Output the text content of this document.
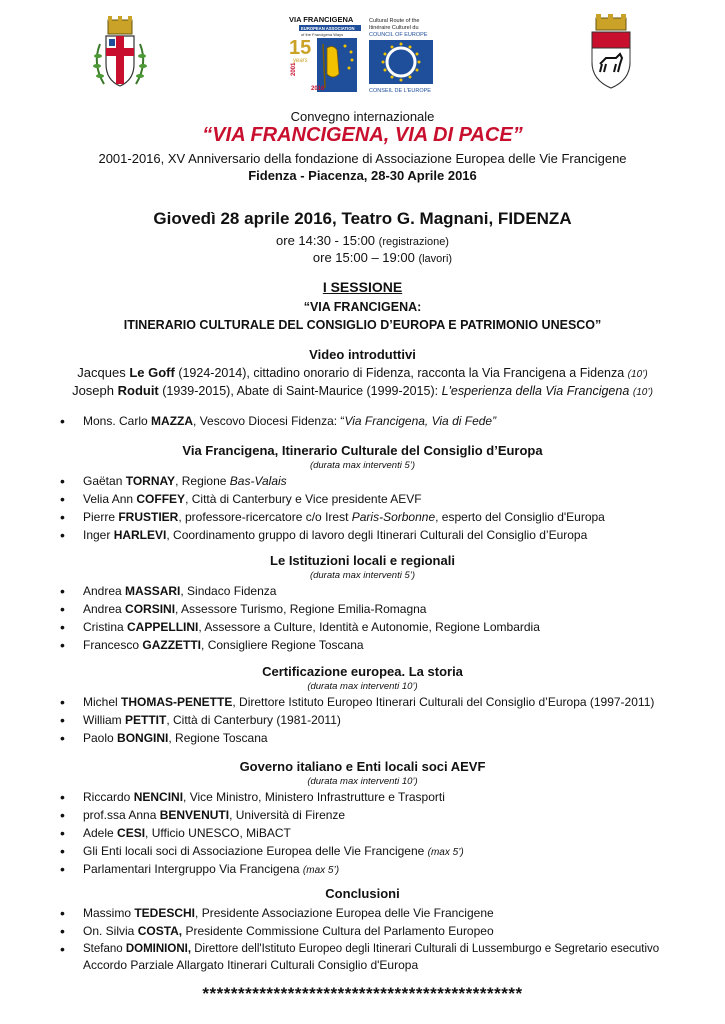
VIA FRANCIGENA
EUROPEAN ASSOCIATION
of the Francigena Ways
15
years
2001
2016
Cultural Route of the
Itinéraire Culturel du
COUNCIL OF EUROPE
CONSEIL DE L'EUROPE
Convegno internazionale
“VIA FRANCIGENA, VIA DI PACE”
2001-2016, XV Anniversario della fondazione di Associazione Europea delle Vie Francigene
Fidenza - Piacenza, 28-30 Aprile 2016
Giovedì 28 aprile 2016, Teatro G. Magnani, FIDENZA
ore 14:30 - 15:00 (registrazione)
ore 15:00 – 19:00 (lavori)
I SESSIONE
“VIA FRANCIGENA:
ITINERARIO CULTURALE DEL CONSIGLIO D’EUROPA E PATRIMONIO UNESCO”
Video introduttivi
Jacques Le Goff (1924-2014), cittadino onorario di Fidenza, racconta la Via Francigena a Fidenza (10’)
Joseph Roduit (1939-2015), Abate di Saint-Maurice (1999-2015): L'esperienza della Via Francigena (10’)
• Mons. Carlo MAZZA, Vescovo Diocesi Fidenza: “Via Francigena, Via di Fede”
Via Francigena, Itinerario Culturale del Consiglio d’Europa
(durata max interventi 5’)
• Gaëtan TORNAY, Regione Bas-Valais
• Velia Ann COFFEY, Città di Canterbury e Vice presidente AEVF
• Pierre FRUSTIER, professore-ricercatore c/o Irest Paris-Sorbonne, esperto del Consiglio d'Europa
• Inger HARLEVI, Coordinamento gruppo di lavoro degli Itinerari Culturali del Consiglio d’Europa
Le Istituzioni locali e regionali
(durata max interventi 5’)
• Andrea MASSARI, Sindaco Fidenza
• Andrea CORSINI, Assessore Turismo, Regione Emilia-Romagna
• Cristina CAPPELLINI, Assessore a Culture, Identità e Autonomie, Regione Lombardia
• Francesco GAZZETTI, Consigliere Regione Toscana
Certificazione europea. La storia
(durata max interventi 10’)
• Michel THOMAS-PENETTE, Direttore Istituto Europeo Itinerari Culturali del Consiglio d’Europa (1997-2011)
• William PETTIT, Città di Canterbury (1981-2011)
• Paolo BONGINI, Regione Toscana
Governo italiano e Enti locali soci AEVF
(durata max interventi 10’)
• Riccardo NENCINI, Vice Ministro, Ministero Infrastrutture e Trasporti
• prof.ssa Anna BENVENUTI, Università di Firenze
• Adele CESI, Ufficio UNESCO, MiBACT
• Gli Enti locali soci di Associazione Europea delle Vie Francigene (max 5’)
• Parlamentari Intergruppo Via Francigena (max 5’)
Conclusioni
• Massimo TEDESCHI, Presidente Associazione Europea delle Vie Francigene
• On. Silvia COSTA, Presidente Commissione Cultura del Parlamento Europeo
• Stefano DOMINIONI, Direttore dell'Istituto Europeo degli Itinerari Culturali di Lussemburgo e Segretario esecutivo
Accordo Parziale Allargato Itinerari Culturali Consiglio d'Europa
*********************************************
